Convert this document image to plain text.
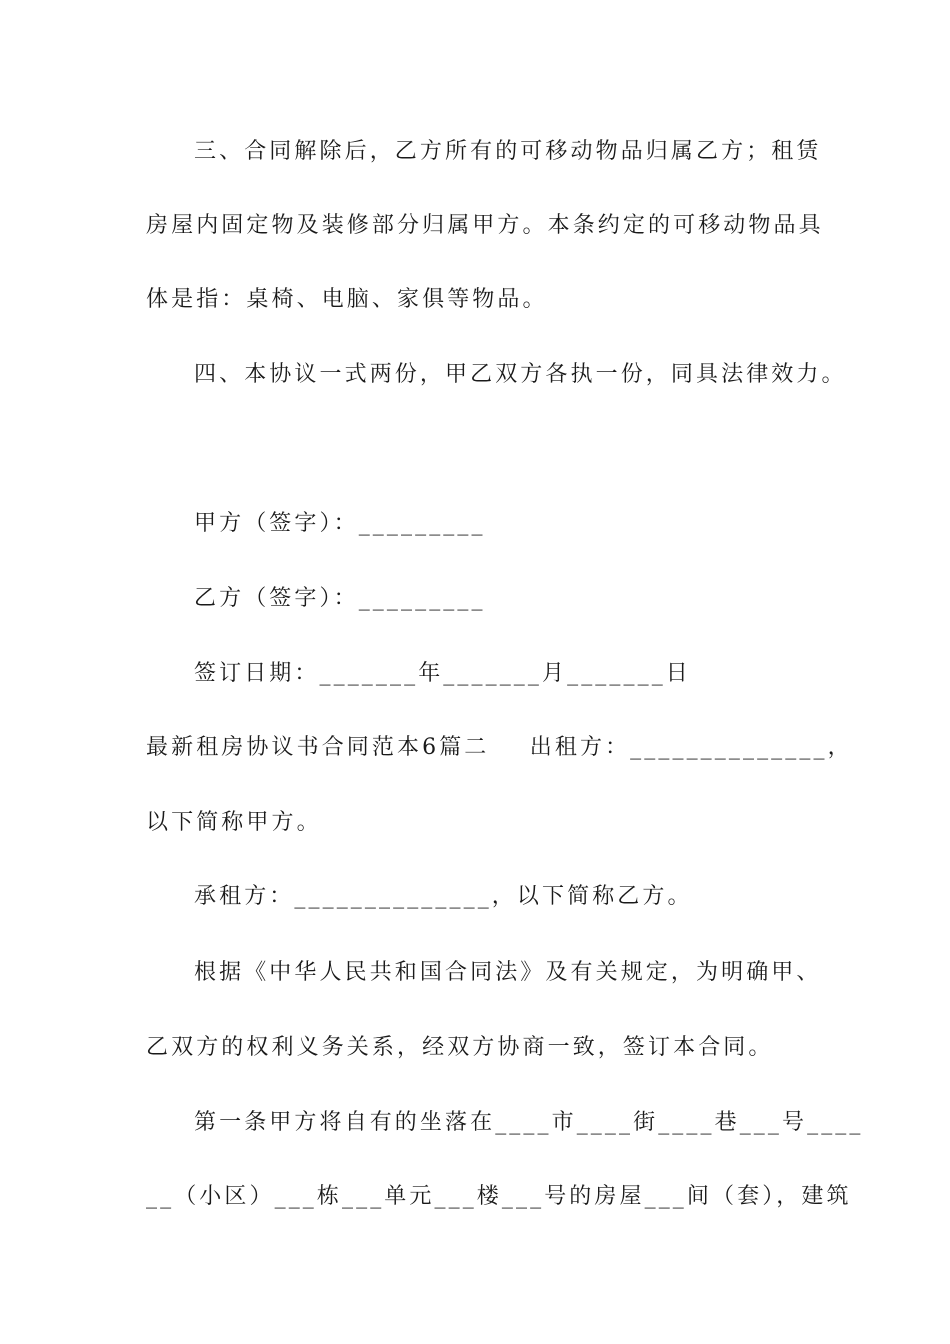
三、合同解除后，乙方所有的可移动物品归属乙方；租赁
房屋内固定物及装修部分归属甲方。本条约定的可移动物品具
体是指：桌椅、电脑、家俱等物品。
四、本协议一式两份，甲乙双方各执一份，同具法律效力。
甲方（签字）：_________
乙方（签字）：_________
签订日期：_______年_______月_______日
最新租房协议书合同范本6篇二    出租方：______________，
以下简称甲方。
承租方：______________，以下简称乙方。
根据《中华人民共和国合同法》及有关规定，为明确甲、
乙双方的权利义务关系，经双方协商一致，签订本合同。
第一条甲方将自有的坐落在____市____街____巷___号____
__（小区）___栋___单元___楼___号的房屋___间（套），建筑
